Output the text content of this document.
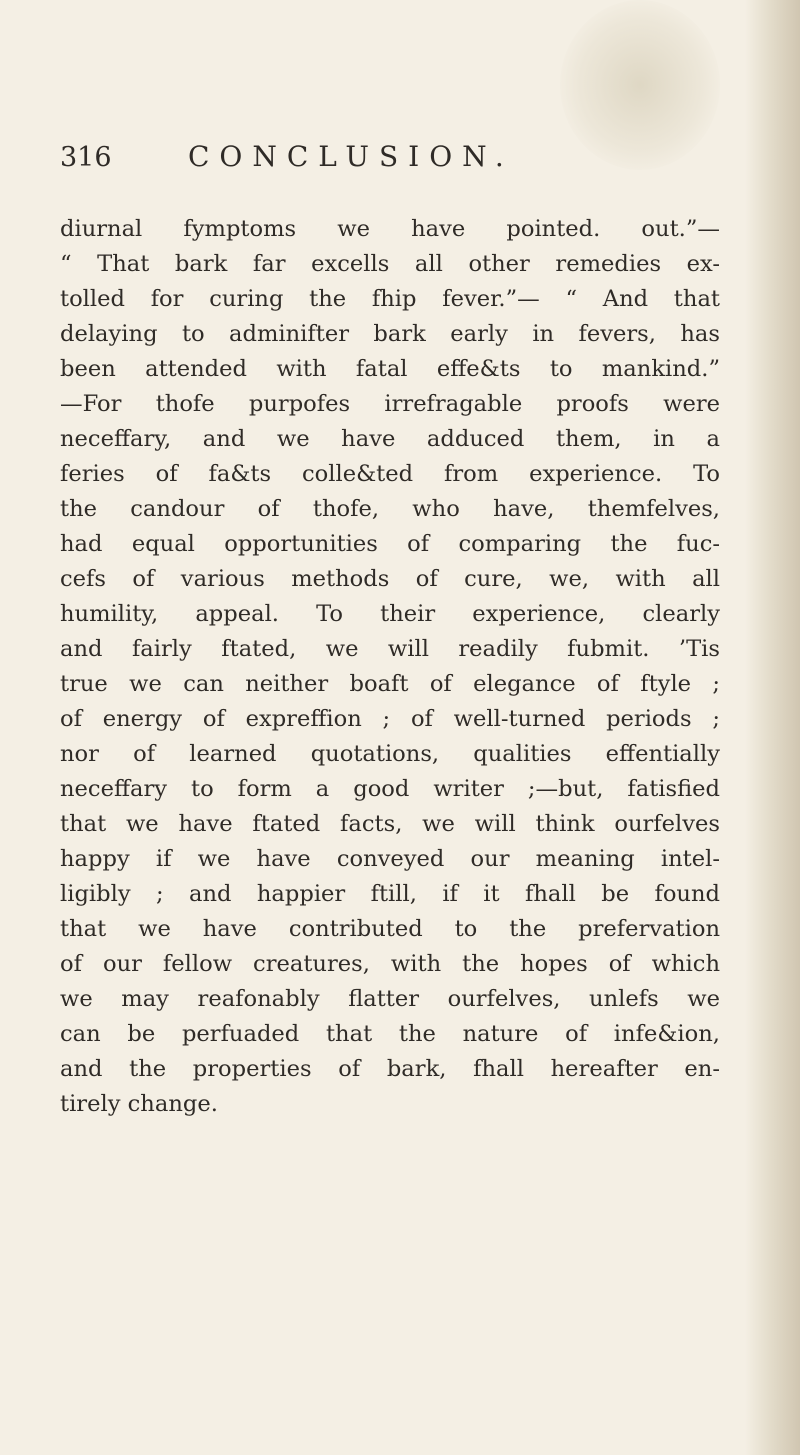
316	CONCLUSION.
diurnal fymptoms we have pointed. out.”—
“ That bark far excells all other remedies ex-
tolled for curing the fhip fever.”— “ And that
delaying to adminifter bark early in fevers, has
been attended with fatal effe&ts to mankind.”
—For thofe purpofes irrefragable proofs were
neceffary, and we have adduced them, in a
feries of fa&ts colle&ted from experience. To
the candour of thofe, who have, themfelves,
had equal opportunities of comparing the fuc-
cefs of various methods of cure, we, with all
humility, appeal. To their experience, clearly
and fairly ftated, we will readily fubmit. ’Tis
true we can neither boaft of elegance of ftyle ;
of energy of expreffion ; of well-turned periods ;
nor of learned quotations, qualities effentially
neceffary to form a good writer ;—but, fatisfied
that we have ftated facts, we will think ourfelves
happy if we have conveyed our meaning intel-
ligibly ; and happier ftill, if it fhall be found
that we have contributed to the prefervation
of our fellow creatures, with the hopes of which
we may reafonably flatter ourfelves, unlefs we
can be perfuaded that the nature of infe&ion,
and the properties of bark, fhall hereafter en-
tirely change.
